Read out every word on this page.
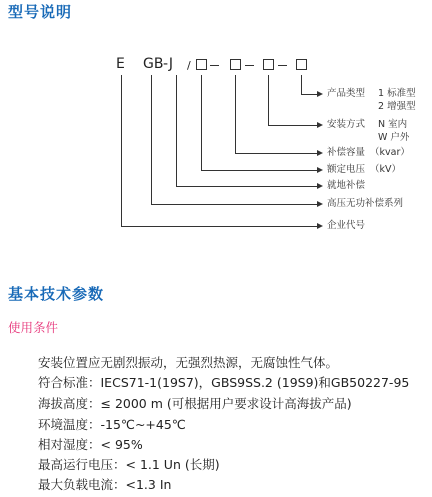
型号说明
E GB -J /
产品类型 1 标准型
2 增强型
安装方式 N 室内
W 户外
补偿容量 （kvar）
额定电压 （kV）
就地补偿
高压无功补偿系列
企业代号
基本技术参数
使用条件
安装位置应无剧烈振动，无强烈热源，无腐蚀性气体。
符合标准：IECS71-1(19S7)，GBS9SS.2 (19S9)和GB50227-95
海拔高度：≤ 2000 m (可根据用户要求设计高海拔产品)
环境温度：-15℃~+45℃
相对湿度：< 95%
最高运行电压：< 1.1 Un (长期)
最大负载电流：<1.3 In
